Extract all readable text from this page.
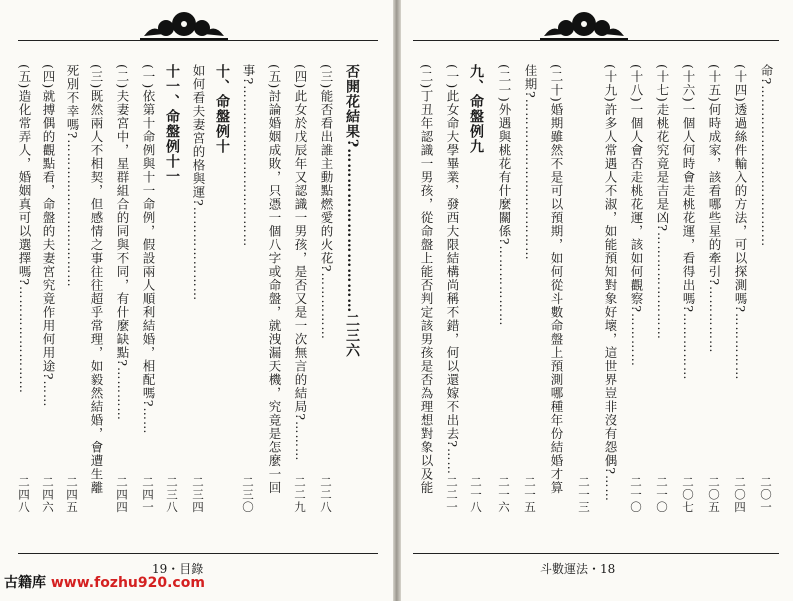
否開花結果?……………………………二三六
(三)能否看出誰主動點燃愛的火花?……………
二二八
(四)此女於戊辰年又認識一男孩，是否又是一次無言的結局?………
二二九
(五)討論婚姻成敗，只憑一個八字或命盤，就洩漏天機，究竟是怎麼一回
事?………………………………
二三〇
十、命盤例十
如何看夫妻宮的格與運?…………………
二三四
十一、命盤例十一
二三八
(一)依第十命例與十一命例，假設兩人順利結婚，相配嗎?……
二四一
(二)夫妻宮中，星群組合的同與不同，有什麼缺點?…………
二四四
(三)既然兩人不相契，但感情之事往往超乎常理，如毅然結婚，會遭生離
死別不幸嗎?……………………………
二四五
(四)就搏偶的觀點看，命盤的夫妻宮究竟作用何用途?……
二四六
(五)造化常弄人，婚姻真可以選擇嗎?……………………
二四八
命?………………………………
二〇一
(十四)透過絲件輸入的方法，可以探測嗎?……………
二〇四
(十五)何時成家，該看哪些星的牽引?……………
二〇五
(十六)一個人何時會走桃花運，看得出嗎?……………
二〇七
(十七)走桃花究竟是吉是凶?……………………
二一〇
(十八)一個人會否走桃花運，該如何觀察?…………
二一〇
(十九)許多人常遇人不淑，如能預知對象好壞，這世界豈非沒有怨偶?……
二一三
(二十)婚期雖然不是可以預期，如何從斗數命盤上預測哪種年份結婚才算
佳期?………………………………
二一五
(二一)外遇與桃花有什麼關係?………………
二一六
九、命盤例九
二一八
(一)此女命大學畢業，發西大限結構尚稱不錯，何以還嫁不出去?……
二二一
(二)丁丑年認識一男孩，從命盤上能否判定該男孩是否為理想對象以及能
19・目錄	斗數運法・18
古籍库 www.fozhu920.com
